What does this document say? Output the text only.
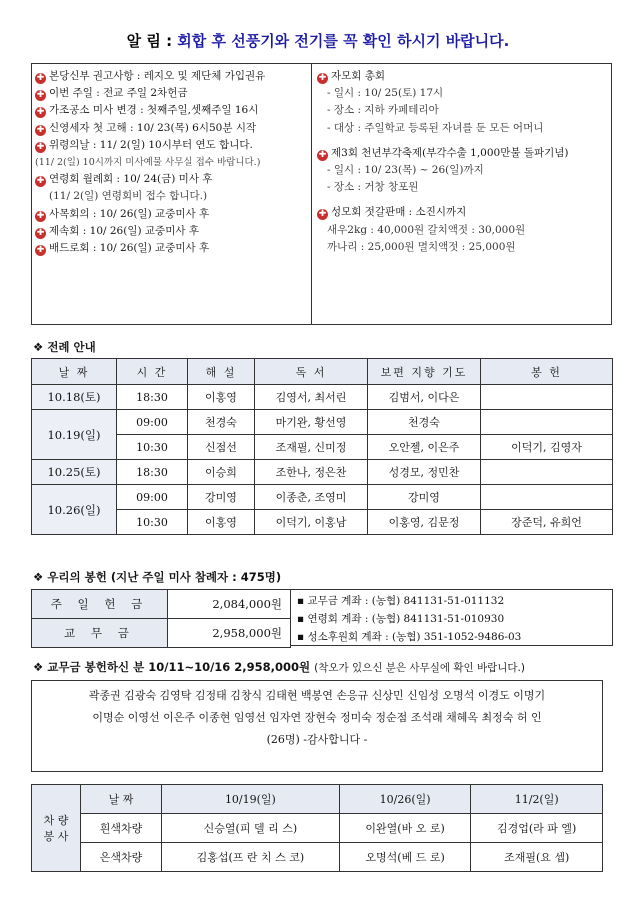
알 림 : 회합 후 선풍기와 전기를 꼭 확인 하시기 바랍니다.
✚ 본당신부 권고사항 : 레지오 및 제단체 가입권유
✚ 이번 주일 : 전교 주일 2차헌금
✚ 가조공소 미사 변경 : 첫째주일,셋째주일 16시
✚ 신영세자 첫 고해 : 10/ 23(목) 6시50분 시작
✚ 위령의날 : 11/ 2(일) 10시부터 연도 합니다.
(11/ 2(일) 10시까지 미사예물 사무실 접수 바랍니다.)
✚ 연령회 월례회 : 10/ 24(금) 미사 후
(11/ 2(일) 연령회비 접수 합니다.)
✚ 사목회의 : 10/ 26(일) 교중미사 후
✚ 제속회 : 10/ 26(일) 교중미사 후
✚ 배드로회 : 10/ 26(일) 교중미사 후
✚ 자모회 총회
- 일시 : 10/ 25(토) 17시
- 장소 : 지하 카페테리아
- 대상 : 주일학교 등록된 자녀를 둔 모든 어머니
✚ 제3회 천년부각축제(부각수출 1,000만불 돌파기념)
- 일시 : 10/ 23(목) ~ 26(일)까지
- 장소 : 거창 창포원
✚ 성모회 젓갈판매 : 소진시까지
새우2kg : 40,000원 갈치액젓 : 30,000원
까나리 : 25,000원 멸치액젓 : 25,000원
❖ 전례 안내
날 짜	시 간	해 설	독 서	보편 지향 기도	봉 헌
10.18(토)	18:30	이홍영	김영서, 최서린	김범서, 이다은	
10.19(일)	09:00	천경숙	마기완, 황선영	천경숙	
	10:30	신점선	조재필, 신미정	오안젤, 이은주	이덕기, 김영자
10.25(토)	18:30	이승희	조한나, 정은찬	성경모, 정민찬	
10.26(일)	09:00	강미영	이종춘, 조영미	강미영	
	10:30	이홍영	이덕기, 이홍남	이홍영, 김문정	장준덕, 유희언
❖ 우리의 봉헌 (지난 주일 미사 참례자 : 475명)
주 일 헌 금	2,084,000원
교 무 금	2,958,000원
▪ 교무금 계좌 : (농협) 841131-51-011132
▪ 연령회 계좌 : (농협) 841131-51-010930
▪ 성소후원회 계좌 : (농협) 351-1052-9486-03
❖ 교무금 봉헌하신 분 10/11~10/16 2,958,000원 (착오가 있으신 분은 사무실에 확인 바랍니다.)
곽종권 김광숙 김영탁 김정태 김창식 김태현 백봉연 손응규 신상민 신임성 오명석 이경도 이명기
이명순 이영선 이은주 이종현 임영선 임자연 장현숙 정미숙 정순점 조석래 채혜옥 최정숙 허 인
(26명) -감사합니다 -
차 량
봉 사	날 짜	10/19(일)	10/26(일)	11/2(일)
	흰색차량	신승열(피 델 리 스)	이완열(바 오 로)	김경업(라 파 엘)
	은색차량	김홍섭(프 란 치 스 코)	오명석(베 드 로)	조재필(요 셉)
